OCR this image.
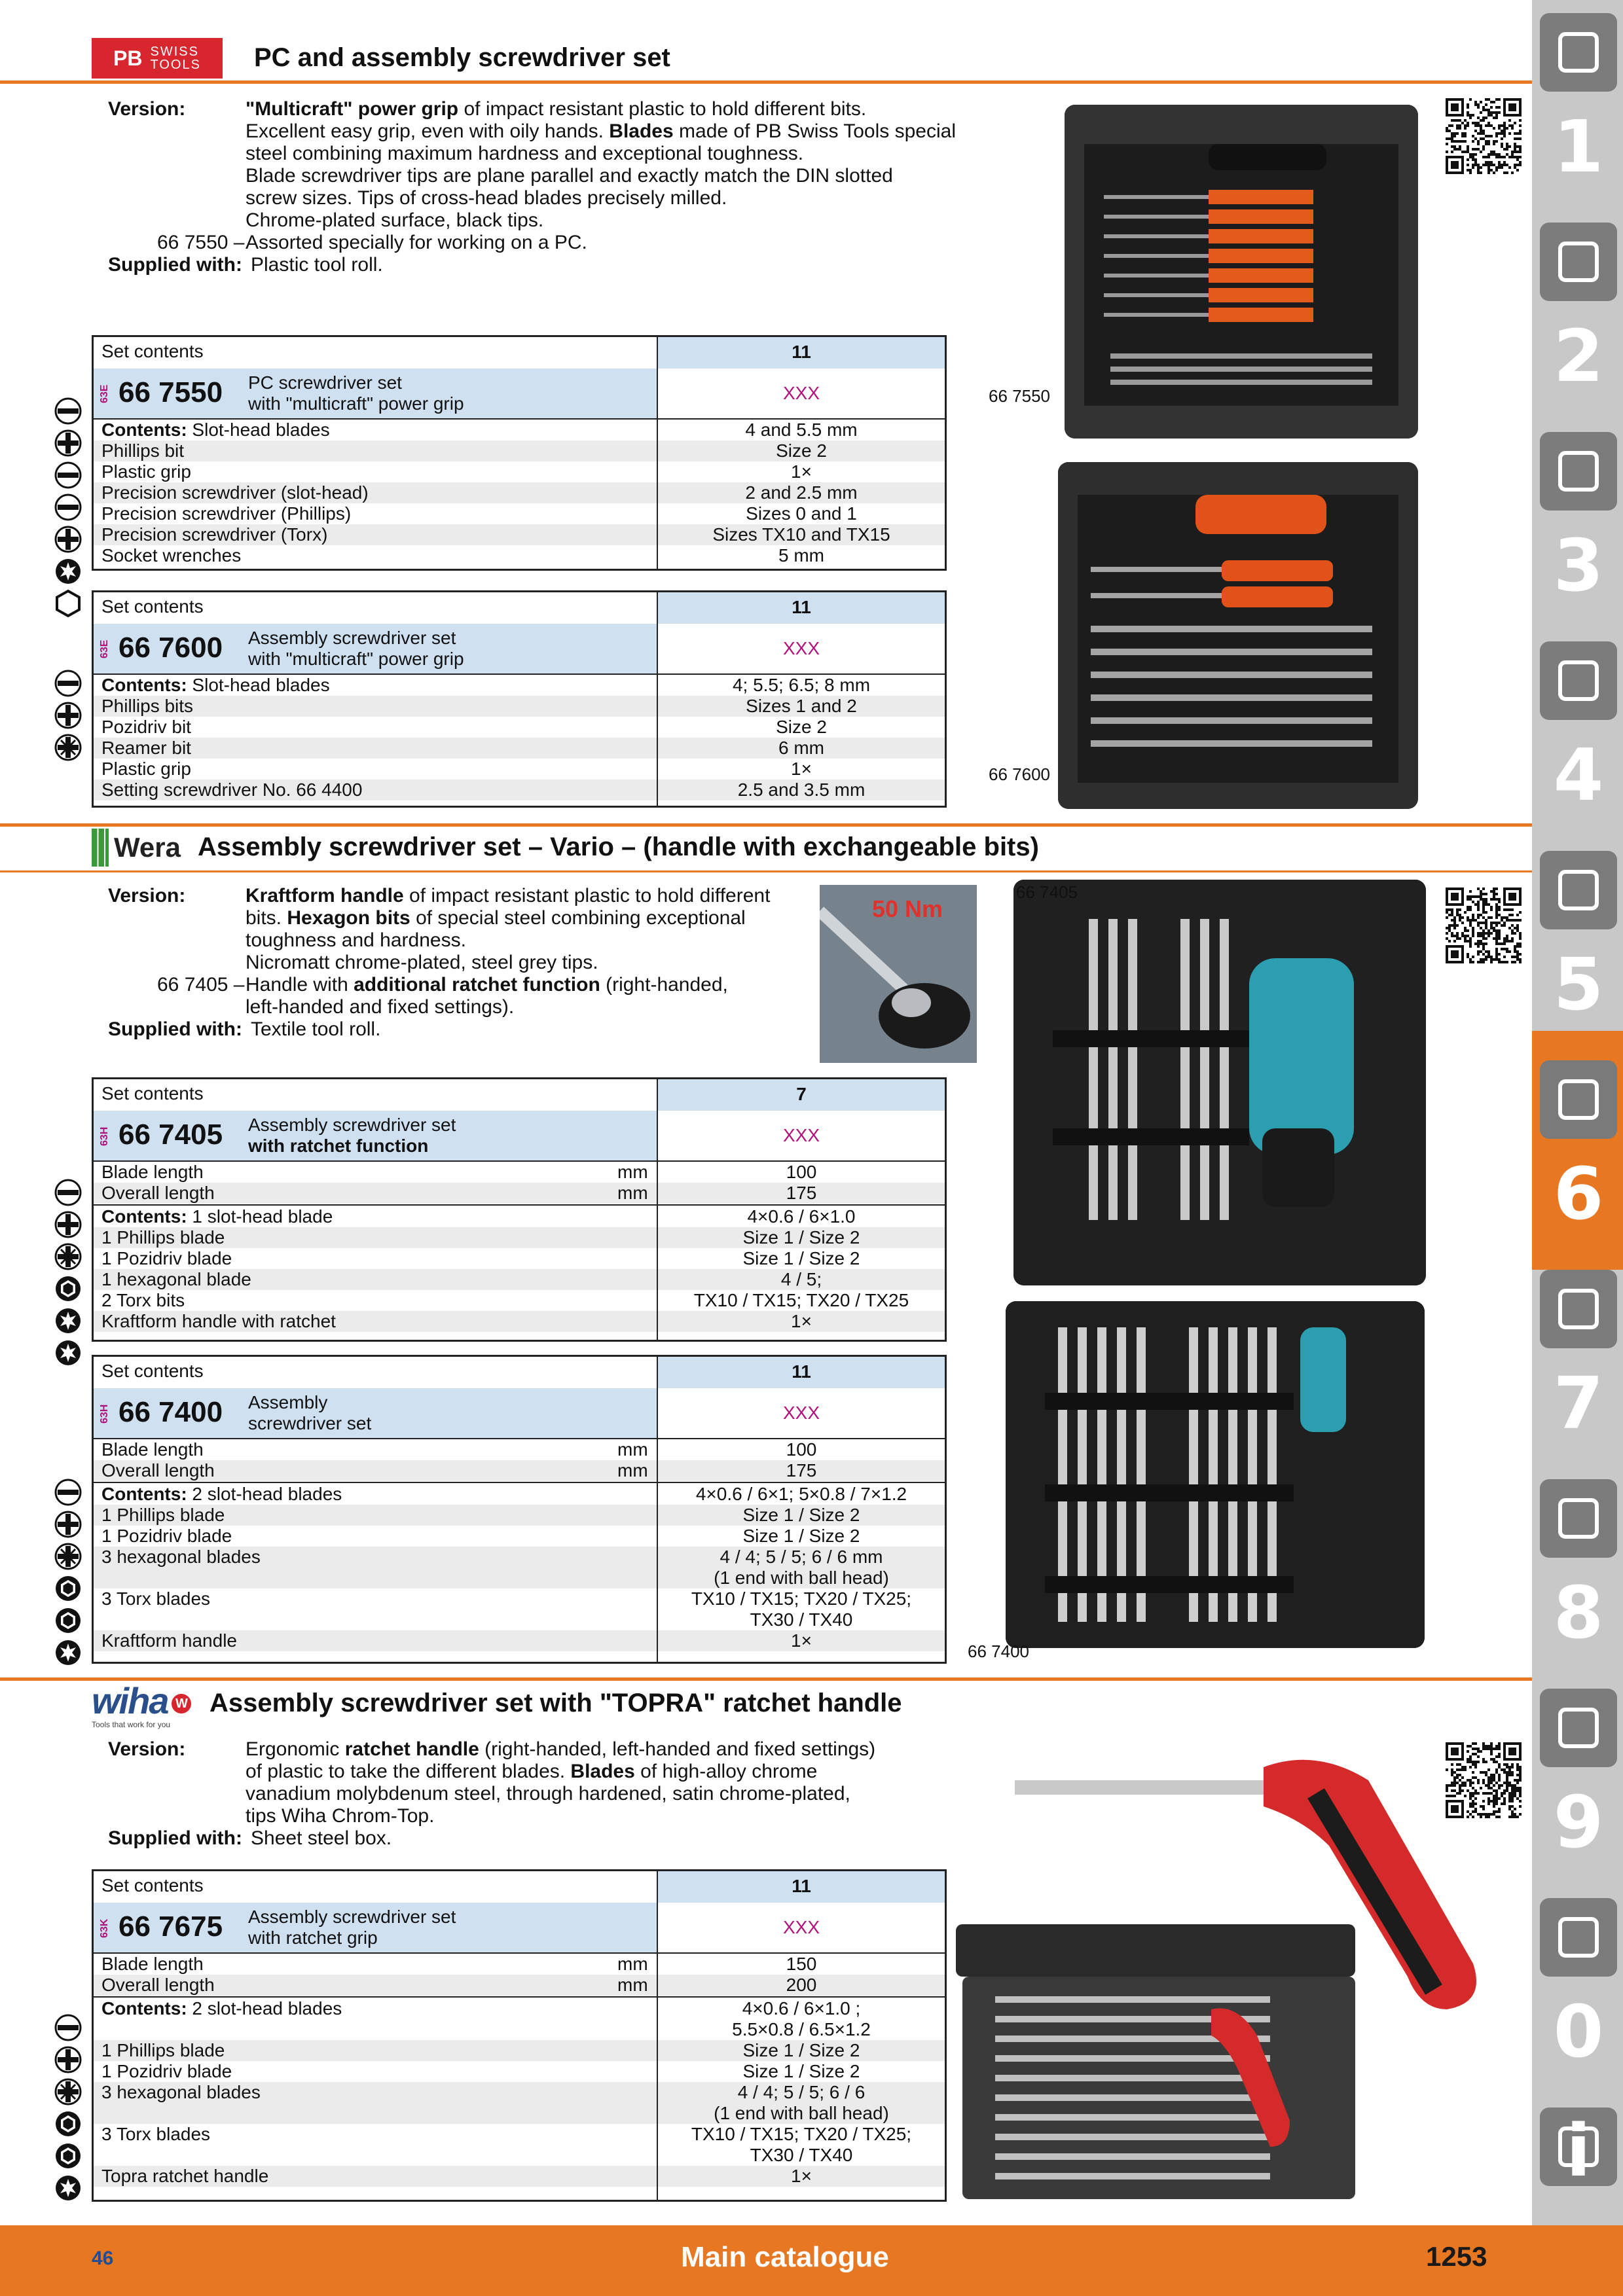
1
2
3
4
5
6
7
8
9
0
i
PB SWISS
TOOLS PC and assembly screwdriver set
Version:	"Multicraft" power grip of impact resistant plastic to hold different bits.
Excellent easy grip, even with oily hands. Blades made of PB Swiss Tools special
steel combining maximum hardness and exceptional toughness.
Blade screwdriver tips are plane parallel and exactly match the DIN slotted
screw sizes. Tips of cross-head blades precisely milled.
Chrome-plated surface, black tips.
66 7550 – Assorted specially for working on a PC.
Supplied with: Plastic tool roll.
66 7550
66 7600
Wera Assembly screwdriver set – Vario – (handle with exchangeable bits)
Version:	Kraftform handle of impact resistant plastic to hold different
bits. Hexagon bits of special steel combining exceptional
toughness and hardness.
Nicromatt chrome-plated, steel grey tips.
66 7405 – Handle with additional ratchet function (right-handed,
left-handed and fixed settings).
Supplied with: Textile tool roll.
50 Nm
66 7405
66 7400
wiha W
Tools that work for you
Assembly screwdriver set with "TOPRA" ratchet handle
Version:	Ergonomic ratchet handle (right-handed, left-handed and fixed settings)
of plastic to take the different blades. Blades of high-alloy chrome
vanadium molybdenum steel, through hardened, satin chrome-plated,
tips Wiha Chrom-Top.
Supplied with: Sheet steel box.
Set contents	11
63E 66 7550 PC screwdriver set
with "multicraft" power grip
XXX
Contents: Slot-head blades	4 and 5.5 mm
Phillips bit	Size 2
Plastic grip	1×
Precision screwdriver (slot-head)	2 and 2.5 mm
Precision screwdriver (Phillips)	Sizes 0 and 1
Precision screwdriver (Torx)	Sizes TX10 and TX15
Socket wrenches	5 mm
Set contents	11
63E 66 7600 Assembly screwdriver set
with "multicraft" power grip
XXX
Contents: Slot-head blades	4; 5.5; 6.5; 8 mm
Phillips bits	Sizes 1 and 2
Pozidriv bit	Size 2
Reamer bit	6 mm
Plastic grip	1×
Setting screwdriver No. 66 4400	2.5 and 3.5 mm
Set contents	7
63H 66 7405 Assembly screwdriver set
with ratchet function
XXX
Blade length	mm	100
Overall length	mm	175
Contents: 1 slot-head blade	4×0.6 / 6×1.0
1 Phillips blade	Size 1 / Size 2
1 Pozidriv blade	Size 1 / Size 2
1 hexagonal blade	4 / 5;
2 Torx bits	TX10 / TX15; TX20 / TX25
Kraftform handle with ratchet	1×
Set contents	11
63H 66 7400 Assembly
screwdriver set
XXX
Blade length	mm	100
Overall length	mm	175
Contents: 2 slot-head blades	4×0.6 / 6×1; 5×0.8 / 7×1.2
1 Phillips blade	Size 1 / Size 2
1 Pozidriv blade	Size 1 / Size 2
3 hexagonal blades	4 / 4; 5 / 5; 6 / 6 mm
(1 end with ball head)
3 Torx blades	TX10 / TX15; TX20 / TX25;
TX30 / TX40
Kraftform handle	1×
Set contents	11
63K 66 7675 Assembly screwdriver set
with ratchet grip
XXX
Blade length	mm	150
Overall length	mm	200
Contents: 2 slot-head blades	4×0.6 / 6×1.0 ;
5.5×0.8 / 6.5×1.2
1 Phillips blade	Size 1 / Size 2
1 Pozidriv blade	Size 1 / Size 2
3 hexagonal blades	4 / 4; 5 / 5; 6 / 6
(1 end with ball head)
3 Torx blades	TX10 / TX15; TX20 / TX25;
TX30 / TX40
Topra ratchet handle	1×
46	Main catalogue	1253
